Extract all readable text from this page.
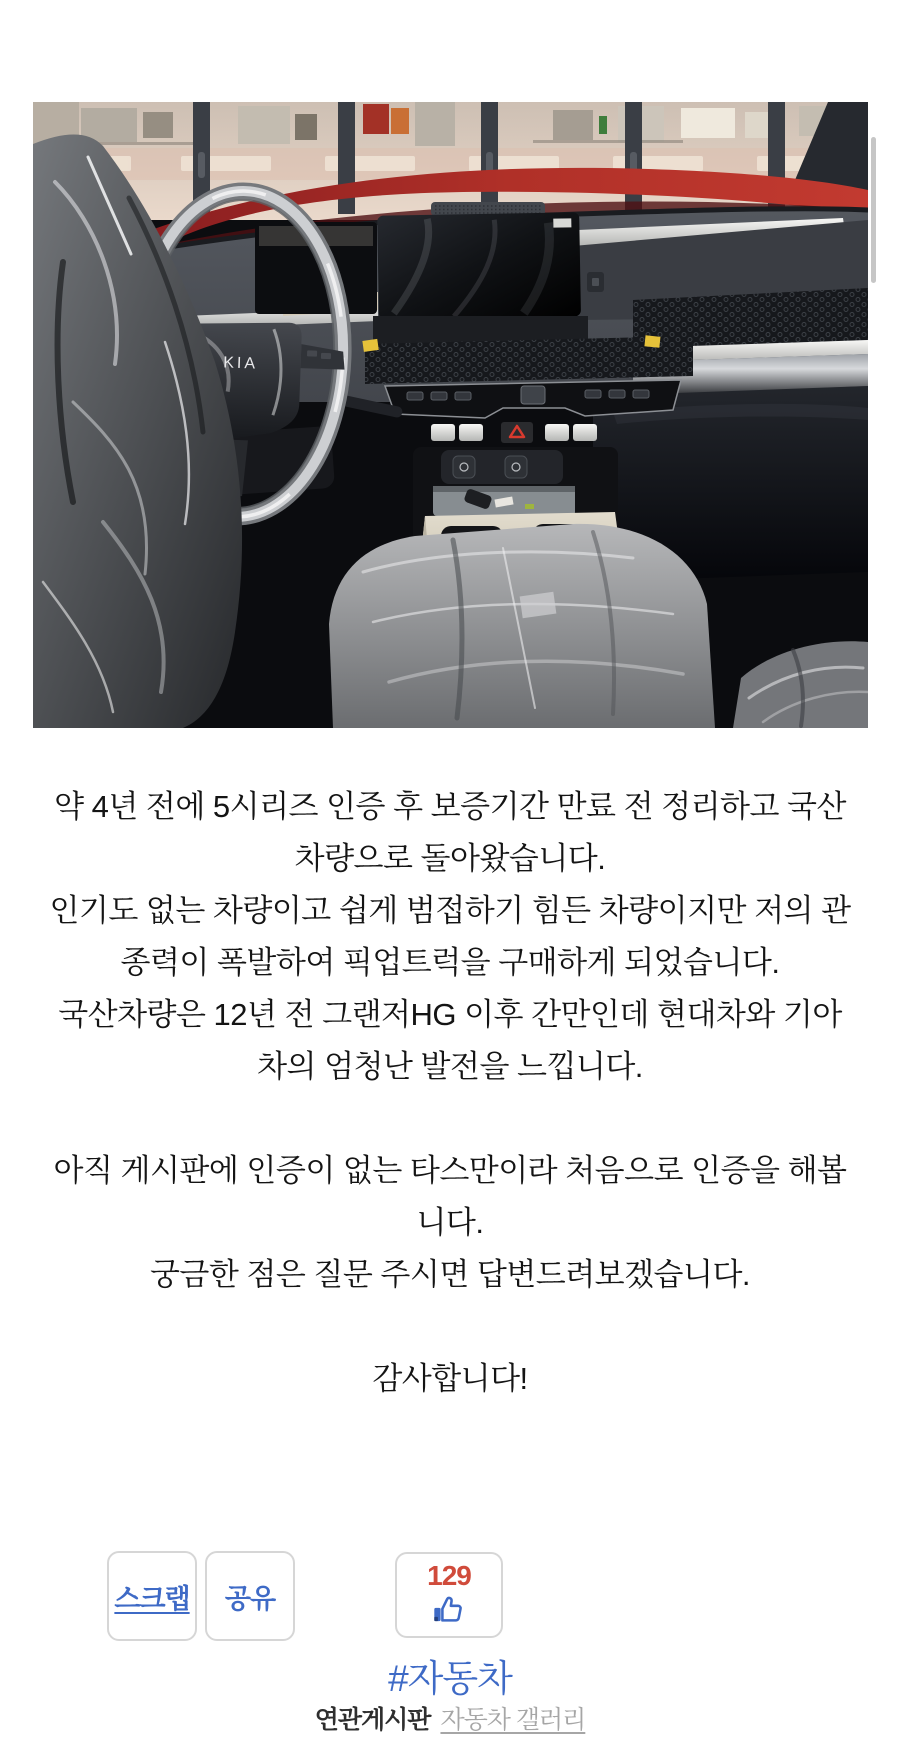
KIA
약 4년 전에 5시리즈 인증 후 보증기간 만료 전 정리하고 국산
차량으로 돌아왔습니다.
인기도 없는 차량이고 쉽게 범접하기 힘든 차량이지만 저의 관
종력이 폭발하여 픽업트럭을 구매하게 되었습니다.
국산차량은 12년 전 그랜저HG 이후 간만인데 현대차와 기아
차의 엄청난 발전을 느낍니다.
아직 게시판에 인증이 없는 타스만이라 처음으로 인증을 해봅
니다.
궁금한 점은 질문 주시면 답변드려보겠습니다.
감사합니다!
스크랩 공유
129
#자동차
연관게시판 자동차 갤러리
